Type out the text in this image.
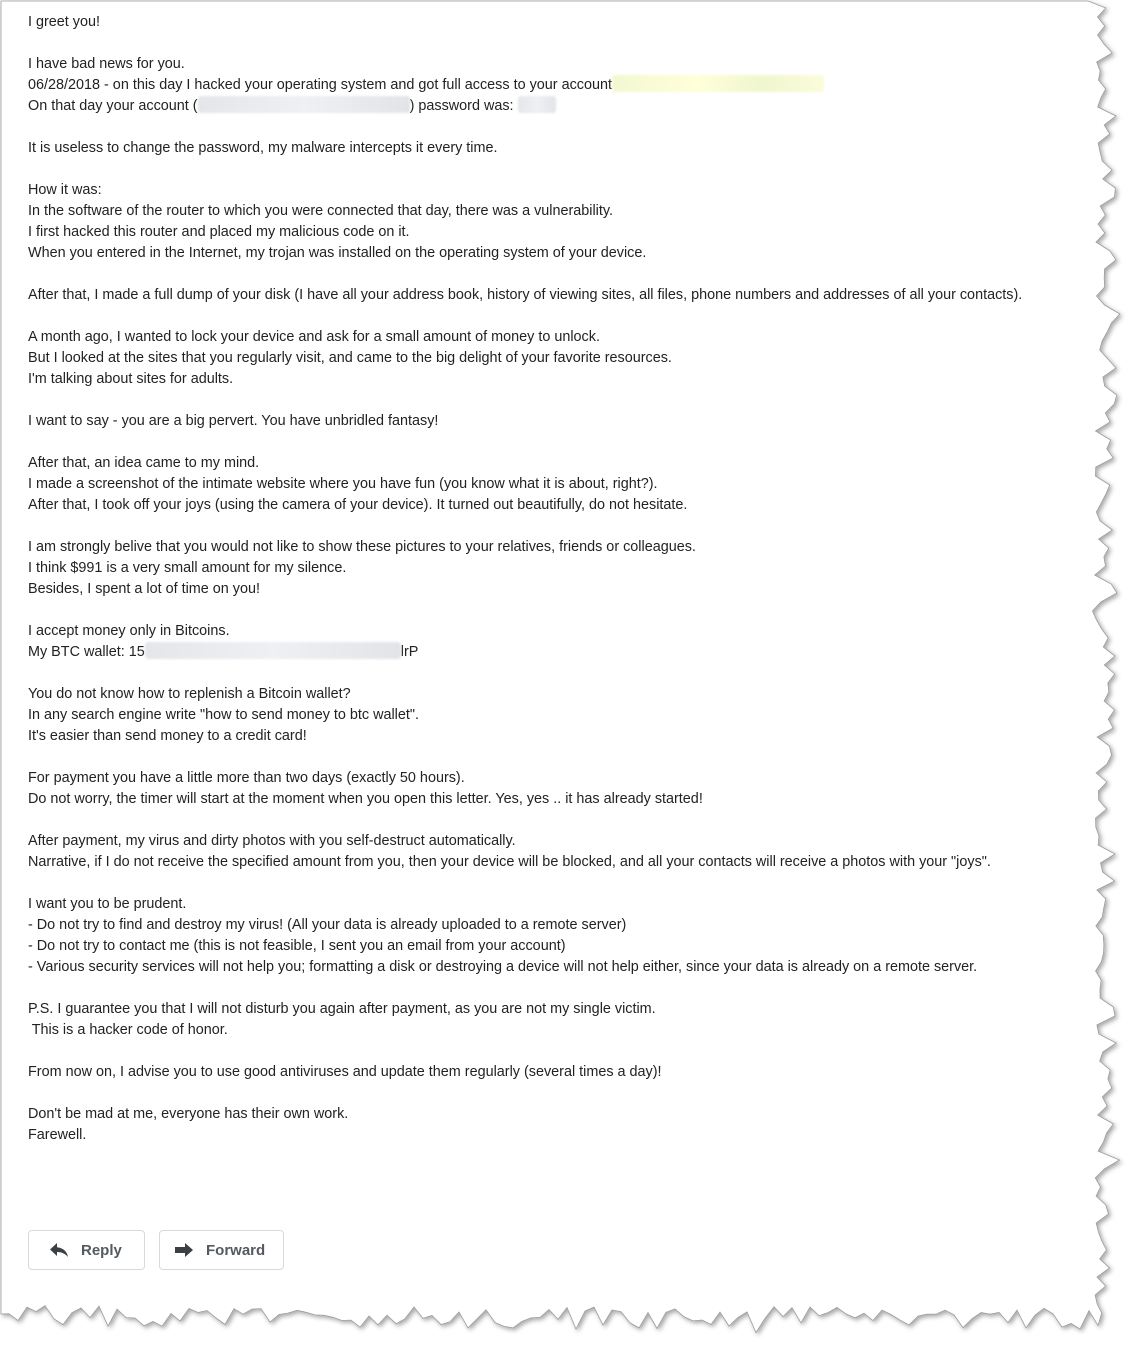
I greet you!
I have bad news for you.
06/28/2018 - on this day I hacked your operating system and got full access to your account
On that day your account (	) password was:
It is useless to change the password, my malware intercepts it every time.
How it was:
In the software of the router to which you were connected that day, there was a vulnerability.
I first hacked this router and placed my malicious code on it.
When you entered in the Internet, my trojan was installed on the operating system of your device.
After that, I made a full dump of your disk (I have all your address book, history of viewing sites, all files, phone numbers and addresses of all your contacts).
A month ago, I wanted to lock your device and ask for a small amount of money to unlock.
But I looked at the sites that you regularly visit, and came to the big delight of your favorite resources.
I'm talking about sites for adults.
I want to say - you are a big pervert. You have unbridled fantasy!
After that, an idea came to my mind.
I made a screenshot of the intimate website where you have fun (you know what it is about, right?).
After that, I took off your joys (using the camera of your device). It turned out beautifully, do not hesitate.
I am strongly belive that you would not like to show these pictures to your relatives, friends or colleagues.
I think $991 is a very small amount for my silence.
Besides, I spent a lot of time on you!
I accept money only in Bitcoins.
My BTC wallet: 15	lrP
You do not know how to replenish a Bitcoin wallet?
In any search engine write "how to send money to btc wallet".
It's easier than send money to a credit card!
For payment you have a little more than two days (exactly 50 hours).
Do not worry, the timer will start at the moment when you open this letter. Yes, yes .. it has already started!
After payment, my virus and dirty photos with you self-destruct automatically.
Narrative, if I do not receive the specified amount from you, then your device will be blocked, and all your contacts will receive a photos with your "joys".
I want you to be prudent.
- Do not try to find and destroy my virus! (All your data is already uploaded to a remote server)
- Do not try to contact me (this is not feasible, I sent you an email from your account)
- Various security services will not help you; formatting a disk or destroying a device will not help either, since your data is already on a remote server.
P.S. I guarantee you that I will not disturb you again after payment, as you are not my single victim.
This is a hacker code of honor.
From now on, I advise you to use good antiviruses and update them regularly (several times a day)!
Don't be mad at me, everyone has their own work.
Farewell.
Reply	Forward
